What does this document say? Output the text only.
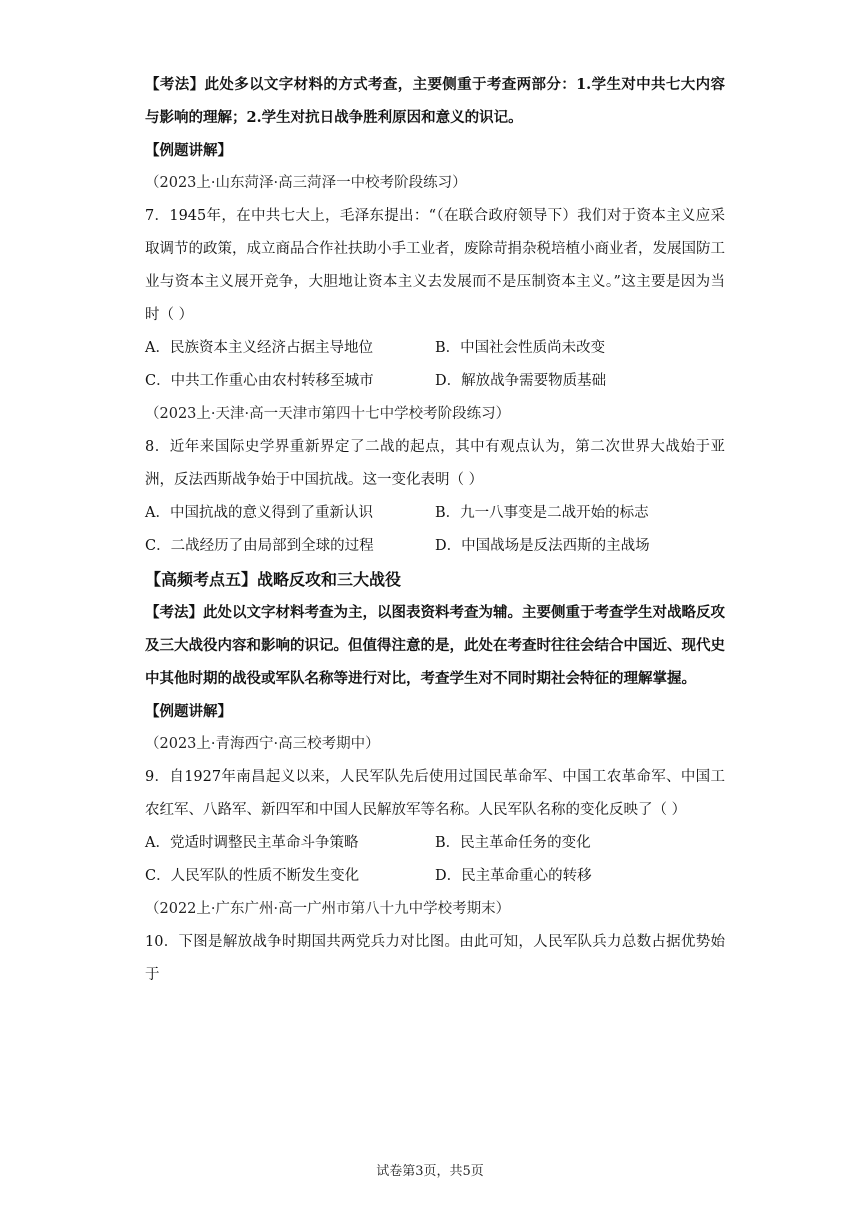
【考法】此处多以文字材料的方式考查，主要侧重于考查两部分：1.学生对中共七大内容与影响的理解；2.学生对抗日战争胜利原因和意义的识记。
【例题讲解】
（2023上·山东菏泽·高三菏泽一中校考阶段练习）
7．1945年，在中共七大上，毛泽东提出：“（在联合政府领导下）我们对于资本主义应采取调节的政策，成立商品合作社扶助小手工业者，废除苛捐杂税培植小商业者，发展国防工业与资本主义展开竞争，大胆地让资本主义去发展而不是压制资本主义。”这主要是因为当时（ ）
A．民族资本主义经济占据主导地位	B．中国社会性质尚未改变
C．中共工作重心由农村转移至城市	D．解放战争需要物质基础
（2023上·天津·高一天津市第四十七中学校考阶段练习）
8．近年来国际史学界重新界定了二战的起点，其中有观点认为，第二次世界大战始于亚洲，反法西斯战争始于中国抗战。这一变化表明（ ）
A．中国抗战的意义得到了重新认识	B．九一八事变是二战开始的标志
C．二战经历了由局部到全球的过程	D．中国战场是反法西斯的主战场
【高频考点五】战略反攻和三大战役
【考法】此处以文字材料考查为主，以图表资料考查为辅。主要侧重于考查学生对战略反攻及三大战役内容和影响的识记。但值得注意的是，此处在考查时往往会结合中国近、现代史中其他时期的战役或军队名称等进行对比，考查学生对不同时期社会特征的理解掌握。
【例题讲解】
（2023上·青海西宁·高三校考期中）
9．自1927年南昌起义以来，人民军队先后使用过国民革命军、中国工农革命军、中国工农红军、八路军、新四军和中国人民解放军等名称。人民军队名称的变化反映了（ ）
A．党适时调整民主革命斗争策略	B．民主革命任务的变化
C．人民军队的性质不断发生变化	D．民主革命重心的转移
（2022上·广东广州·高一广州市第八十九中学校考期末）
10．下图是解放战争时期国共两党兵力对比图。由此可知，人民军队兵力总数占据优势始于
试卷第3页，共5页
